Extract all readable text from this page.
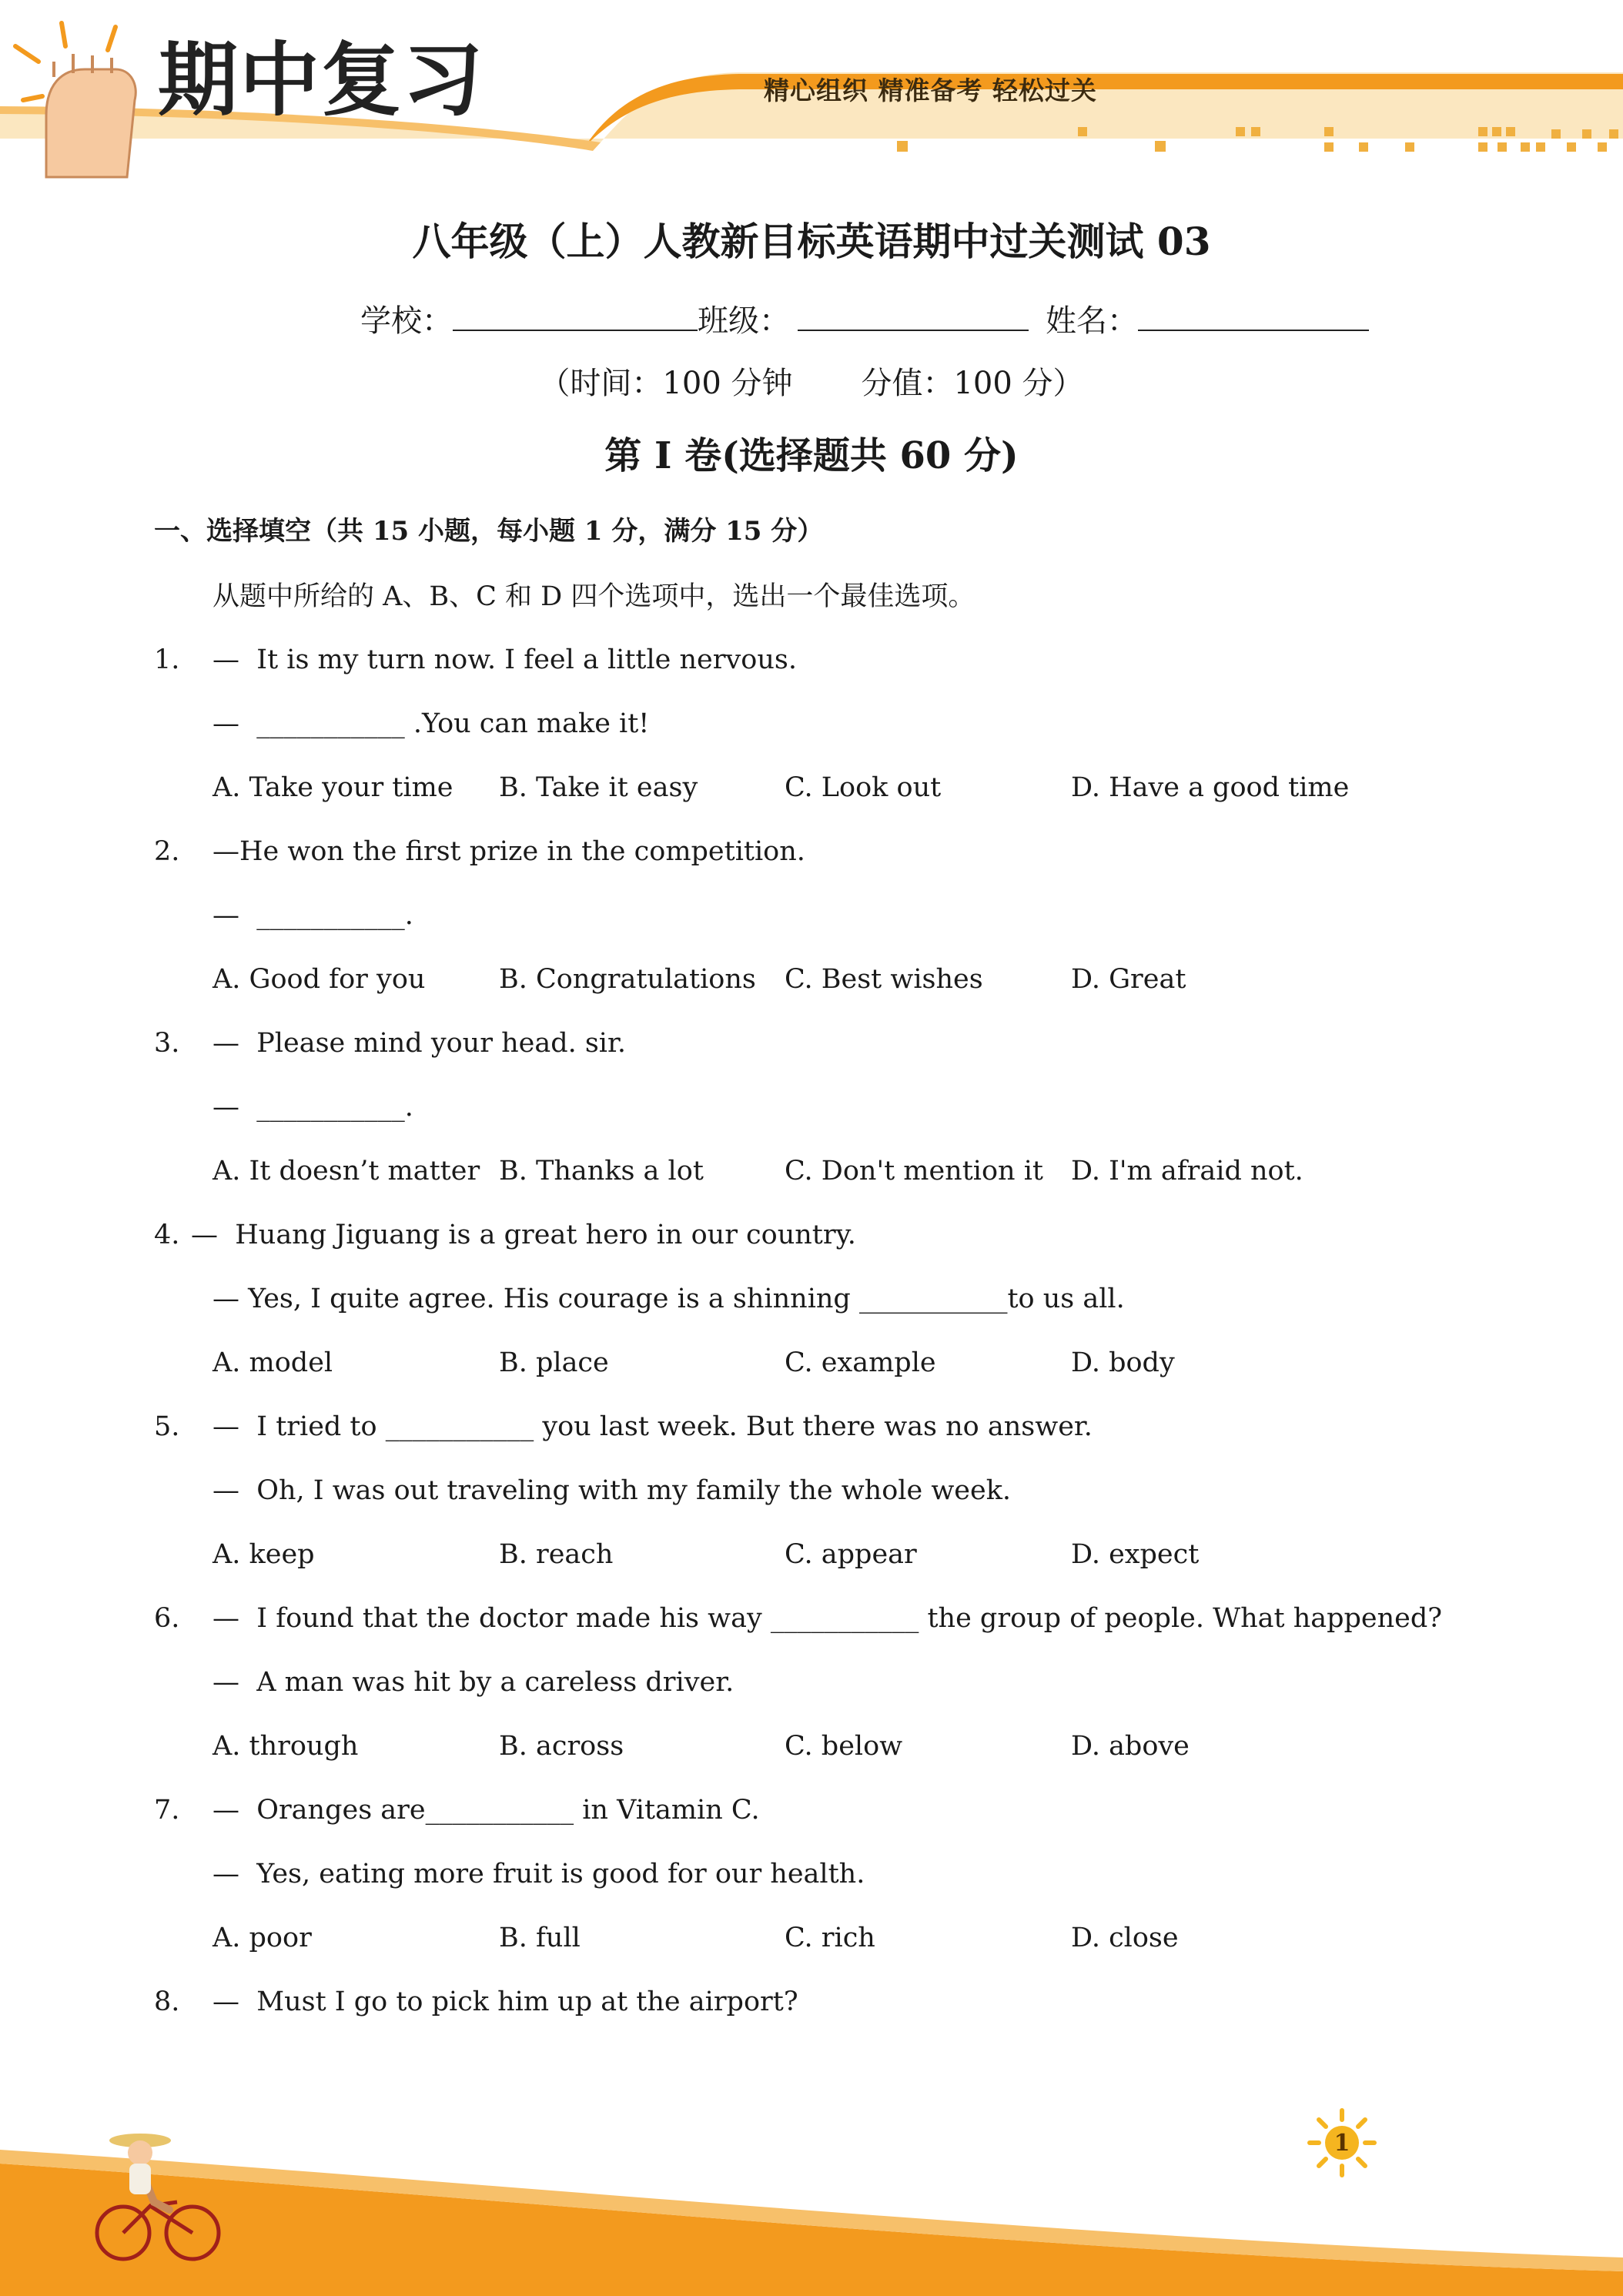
期中复习	精心组织 精准备考 轻松过关
八年级（上）人教新目标英语期中过关测试 03
学校：	班级：	姓名：
（时间：100 分钟       分值：100 分）
第 I 卷(选择题共 60 分)
一、选择填空（共 15 小题，每小题 1 分，满分 15 分）
从题中所给的 A、B、C 和 D 四个选项中，选出一个最佳选项。
1. —  It is my turn now. I feel a little nervous.
—  ___________ .You can make it!
A. Take your time B. Take it easy	C. Look out	D. Have a good time
2. —He won the first prize in the competition.
—  ___________.
A. Good for you	B. Congratulations C. Best wishes	D. Great
3. —  Please mind your head. sir.
—  ___________.
A. It doesn’t matter B. Thanks a lot	C. Don't mention it D. I'm afraid not.
4. —  Huang Jiguang is a great hero in our country.
— Yes, I quite agree. His courage is a shinning ___________to us all.
A. model	B. place	C. example	D. body
5. —  I tried to ___________ you last week. But there was no answer.
—  Oh, I was out traveling with my family the whole week.
A. keep	B. reach	C. appear	D. expect
6. —  I found that the doctor made his way ___________ the group of people. What happened?
—  A man was hit by a careless driver.
A. through	B. across	C. below	D. above
7. —  Oranges are___________ in Vitamin C.
—  Yes, eating more fruit is good for our health.
A. poor	B. full	C. rich	D. close
8. —  Must I go to pick him up at the airport?
1
